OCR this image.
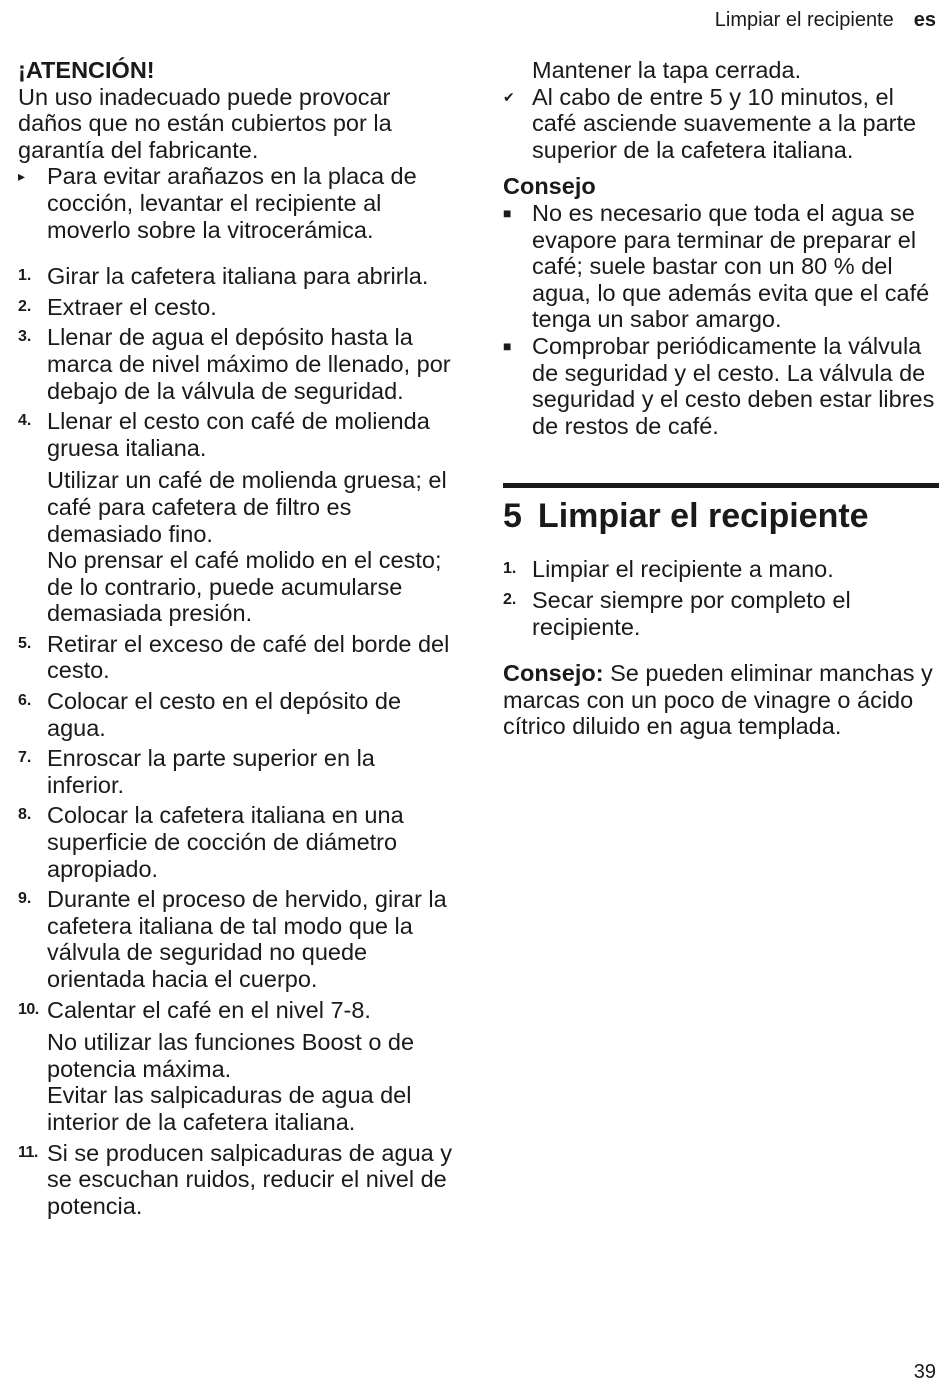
Limpiar el recipiente es
¡ATENCIÓN!
Un uso inadecuado puede provocar daños que no están cubiertos por la garantía del fabricante.
▸ Para evitar arañazos en la placa de cocción, levantar el recipiente al moverlo sobre la vitrocerámica.
1. Girar la cafetera italiana para abrirla.
2. Extraer el cesto.
3. Llenar de agua el depósito hasta la marca de nivel máximo de llenado, por debajo de la válvula de seguridad.
4. Llenar el cesto con café de molienda gruesa italiana.
Utilizar un café de molienda gruesa; el café para cafetera de filtro es demasiado fino.
No prensar el café molido en el cesto; de lo contrario, puede acumularse demasiada presión.
5. Retirar el exceso de café del borde del cesto.
6. Colocar el cesto en el depósito de agua.
7. Enroscar la parte superior en la inferior.
8. Colocar la cafetera italiana en una superficie de cocción de diámetro apropiado.
9. Durante el proceso de hervido, girar la cafetera italiana de tal modo que la válvula de seguridad no quede orientada hacia el cuerpo.
10. Calentar el café en el nivel 7-8.
No utilizar las funciones Boost o de potencia máxima.
Evitar las salpicaduras de agua del interior de la cafetera italiana.
11. Si se producen salpicaduras de agua y se escuchan ruidos, reducir el nivel de potencia.
Mantener la tapa cerrada.
✔ Al cabo de entre 5 y 10 minutos, el café asciende suavemente a la parte superior de la cafetera italiana.
Consejo
■ No es necesario que toda el agua se evapore para terminar de preparar el café; suele bastar con un 80 % del agua, lo que además evita que el café tenga un sabor amargo.
■ Comprobar periódicamente la válvula de seguridad y el cesto. La válvula de seguridad y el cesto deben estar libres de restos de café.
5 Limpiar el recipiente
1. Limpiar el recipiente a mano.
2. Secar siempre por completo el recipiente.
Consejo: Se pueden eliminar manchas y marcas con un poco de vinagre o ácido cítrico diluido en agua templada.
39
